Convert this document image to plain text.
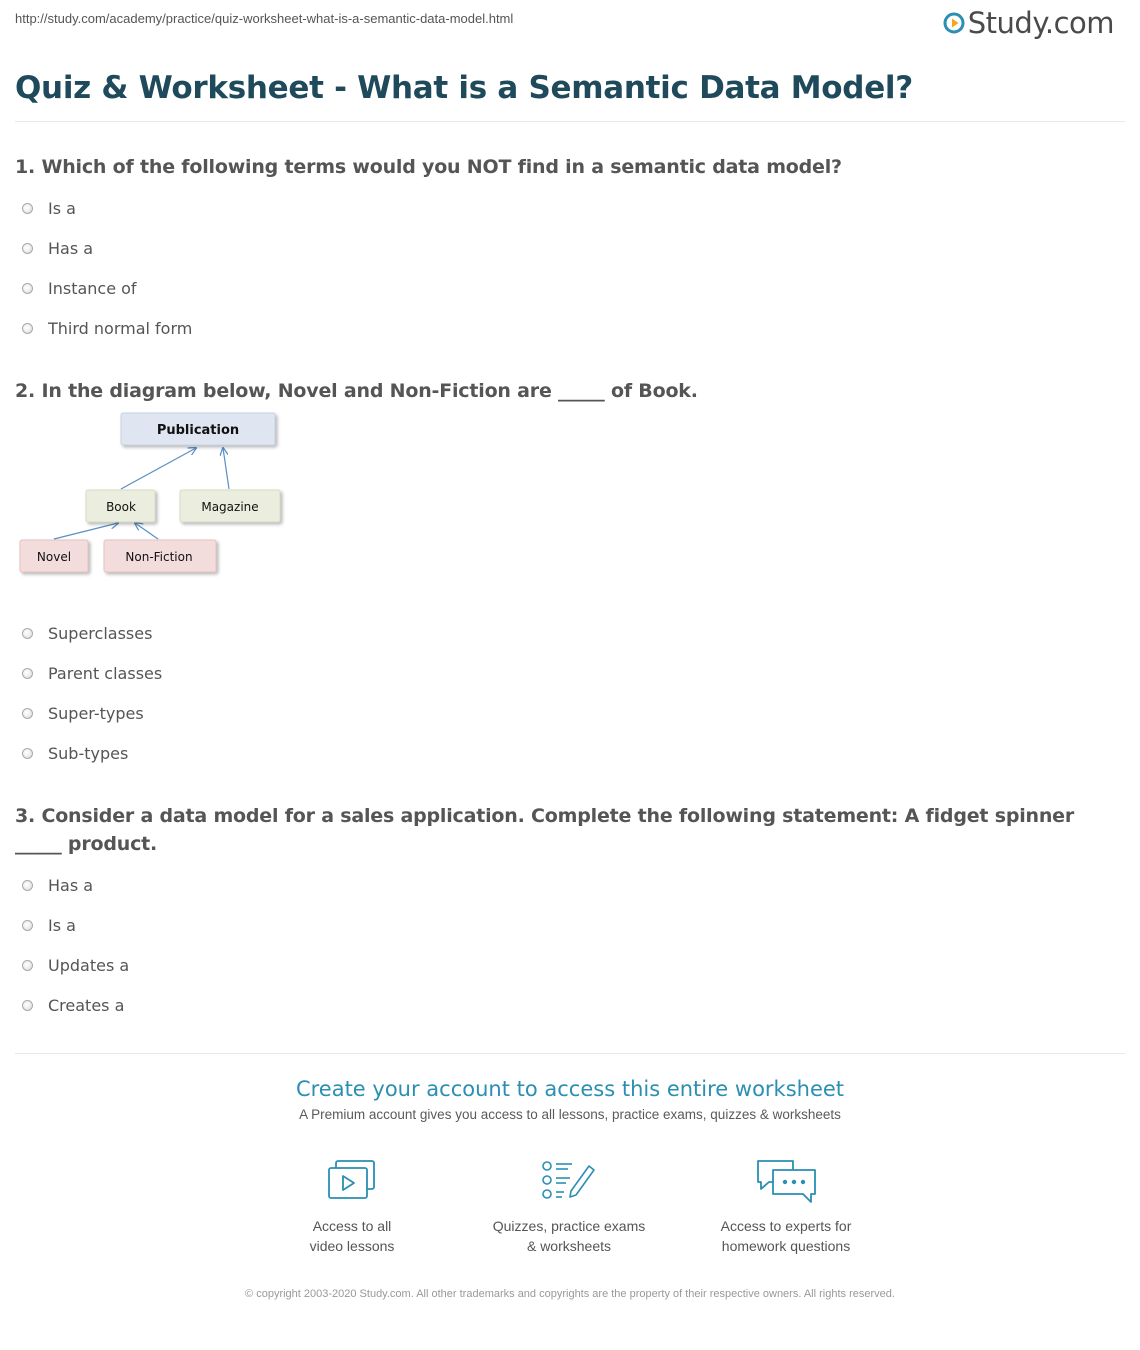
http://study.com/academy/practice/quiz-worksheet-what-is-a-semantic-data-model.html	Study.com
Quiz & Worksheet - What is a Semantic Data Model?
1. Which of the following terms would you NOT find in a semantic data model?
Is a
Has a
Instance of
Third normal form
2. In the diagram below, Novel and Non-Fiction are _____ of Book.
Publication
Book	Magazine
Novel	Non-Fiction
Superclasses
Parent classes
Super-types
Sub-types
3. Consider a data model for a sales application. Complete the following statement: A fidget spinner _____ product.
Has a
Is a
Updates a
Creates a
Create your account to access this entire worksheet
A Premium account gives you access to all lessons, practice exams, quizzes & worksheets
Access to all
video lessons
Quizzes, practice exams
& worksheets
Access to experts for
homework questions
© copyright 2003-2020 Study.com. All other trademarks and copyrights are the property of their respective owners. All rights reserved.
